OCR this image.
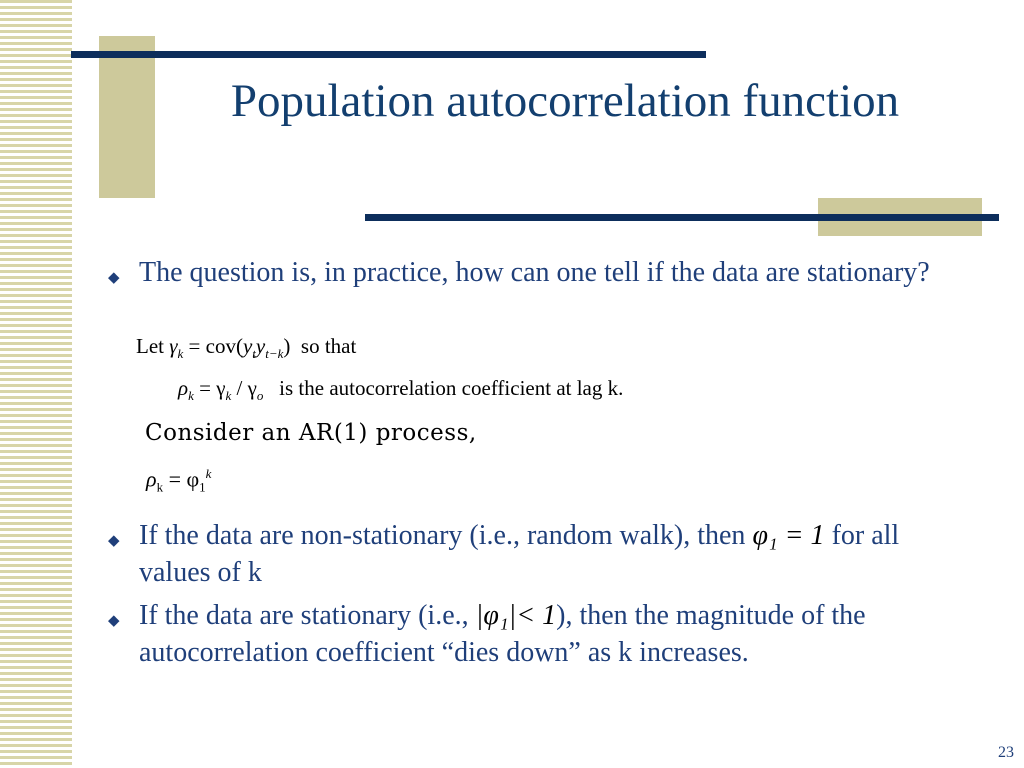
Population autocorrelation function
◆ The question is, in practice, how can one tell if the data are stationary?
Let $\gamma_k = cov(y_ty_{t-k})$ so that
$\rho_k = \gamma_k / \gamma_o$ is the autocorrelation coefficient at lag k.
Consider an AR(1) process,
$\rho_k = \varphi_1^k$
◆ If the data are non-stationary (i.e., random walk), then φ₁ = 1 for all values of k
◆ If the data are stationary (i.e., |φ₁|< 1), then the magnitude of the autocorrelation coefficient “dies down” as k increases.
23
